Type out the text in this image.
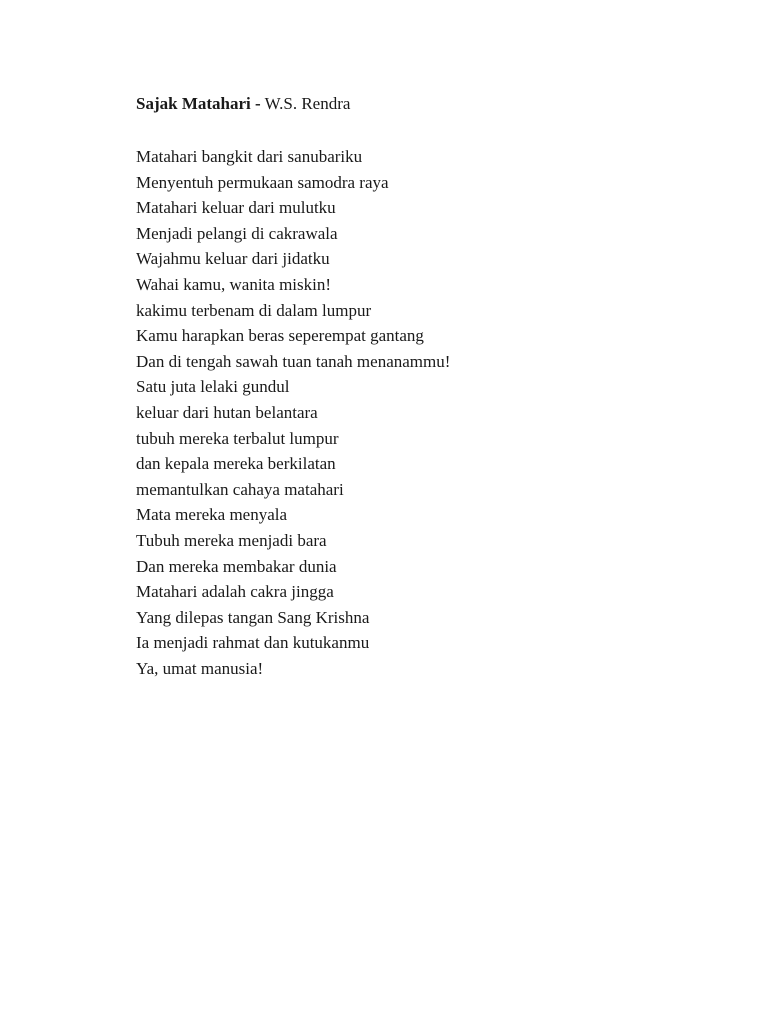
Sajak Matahari - W.S. Rendra
Matahari bangkit dari sanubariku
Menyentuh permukaan samodra raya
Matahari keluar dari mulutku
Menjadi pelangi di cakrawala
Wajahmu keluar dari jidatku
Wahai kamu, wanita miskin!
kakimu terbenam di dalam lumpur
Kamu harapkan beras seperempat gantang
Dan di tengah sawah tuan tanah menanammu!
Satu juta lelaki gundul
keluar dari hutan belantara
tubuh mereka terbalut lumpur
dan kepala mereka berkilatan
memantulkan cahaya matahari
Mata mereka menyala
Tubuh mereka menjadi bara
Dan mereka membakar dunia
Matahari adalah cakra jingga
Yang dilepas tangan Sang Krishna
Ia menjadi rahmat dan kutukanmu
Ya, umat manusia!
